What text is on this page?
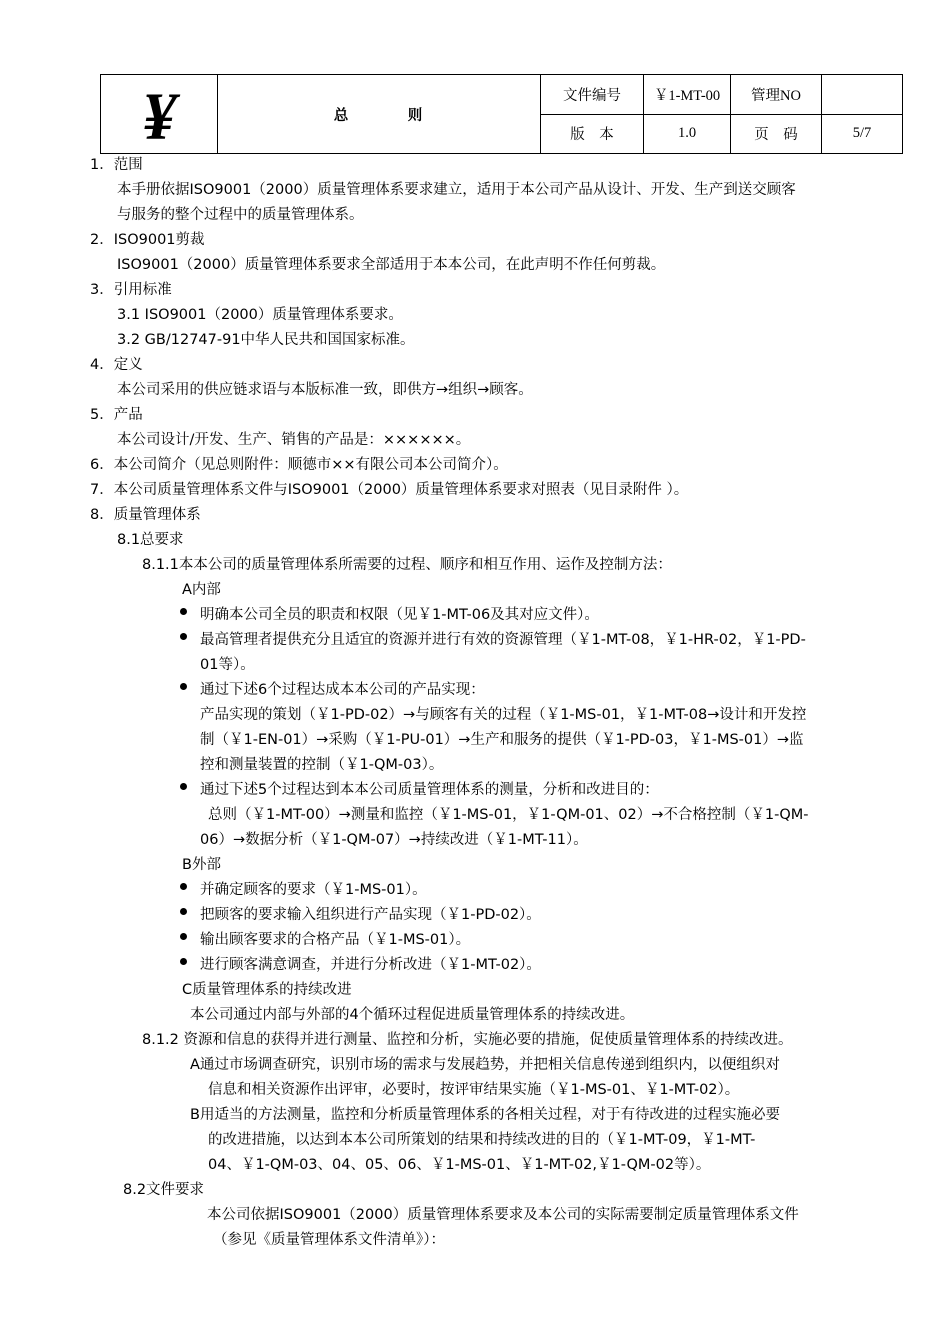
¥	总 则	文件编号	￥1-MT-00	管理NO	
		版　本	1.0	页　码	5/7
1．范围
本手册依据ISO9001（2000）质量管理体系要求建立，适用于本公司产品从设计、开发、生产到送交顾客
与服务的整个过程中的质量管理体系。
2．ISO9001剪裁
ISO9001（2000）质量管理体系要求全部适用于本本公司，在此声明不作任何剪裁。
3．引用标准
3.1 ISO9001（2000）质量管理体系要求。
3.2 GB/12747-91中华人民共和国国家标准。
4．定义
本公司采用的供应链求语与本版标准一致，即供方→组织→顾客。
5．产品
本公司设计/开发、生产、销售的产品是：××××××。
6．本公司简介（见总则附件：顺德市××有限公司本公司简介）。
7．本公司质量管理体系文件与ISO9001（2000）质量管理体系要求对照表（见目录附件 ）。
8．质量管理体系
8.1总要求
8.1.1本本公司的质量管理体系所需要的过程、顺序和相互作用、运作及控制方法：
A内部
明确本公司全员的职责和权限（见￥1-MT-06及其对应文件）。
最高管理者提供充分且适宜的资源并进行有效的资源管理（￥1-MT-08，￥1-HR-02，￥1-PD-
01等）。
通过下述6个过程达成本本公司的产品实现：
产品实现的策划（￥1-PD-02）→与顾客有关的过程（￥1-MS-01，￥1-MT-08→设计和开发控
制（￥1-EN-01）→采购（￥1-PU-01）→生产和服务的提供（￥1-PD-03，￥1-MS-01）→监
控和测量装置的控制（￥1-QM-03）。
通过下述5个过程达到本本公司质量管理体系的测量，分析和改进目的：
总则（￥1-MT-00）→测量和监控（￥1-MS-01，￥1-QM-01、02）→不合格控制（￥1-QM-
06）→数据分析（￥1-QM-07）→持续改进（￥1-MT-11）。
B外部
并确定顾客的要求（￥1-MS-01）。
把顾客的要求输入组织进行产品实现（￥1-PD-02）。
输出顾客要求的合格产品（￥1-MS-01）。
进行顾客满意调查，并进行分析改进（￥1-MT-02）。
C质量管理体系的持续改进
本公司通过内部与外部的4个循环过程促进质量管理体系的持续改进。
8.1.2 资源和信息的获得并进行测量、监控和分析，实施必要的措施，促使质量管理体系的持续改进。
A通过市场调查研究，识别市场的需求与发展趋势，并把相关信息传递到组织内，以便组织对
信息和相关资源作出评审，必要时，按评审结果实施（￥1-MS-01、￥1-MT-02）。
B用适当的方法测量，监控和分析质量管理体系的各相关过程，对于有待改进的过程实施必要
的改进措施，以达到本本公司所策划的结果和持续改进的目的（￥1-MT-09，￥1-MT-
04、￥1-QM-03、04、05、06、￥1-MS-01、￥1-MT-02,￥1-QM-02等）。
8.2文件要求
本公司依据ISO9001（2000）质量管理体系要求及本公司的实际需要制定质量管理体系文件
（参见《质量管理体系文件清单》）：
